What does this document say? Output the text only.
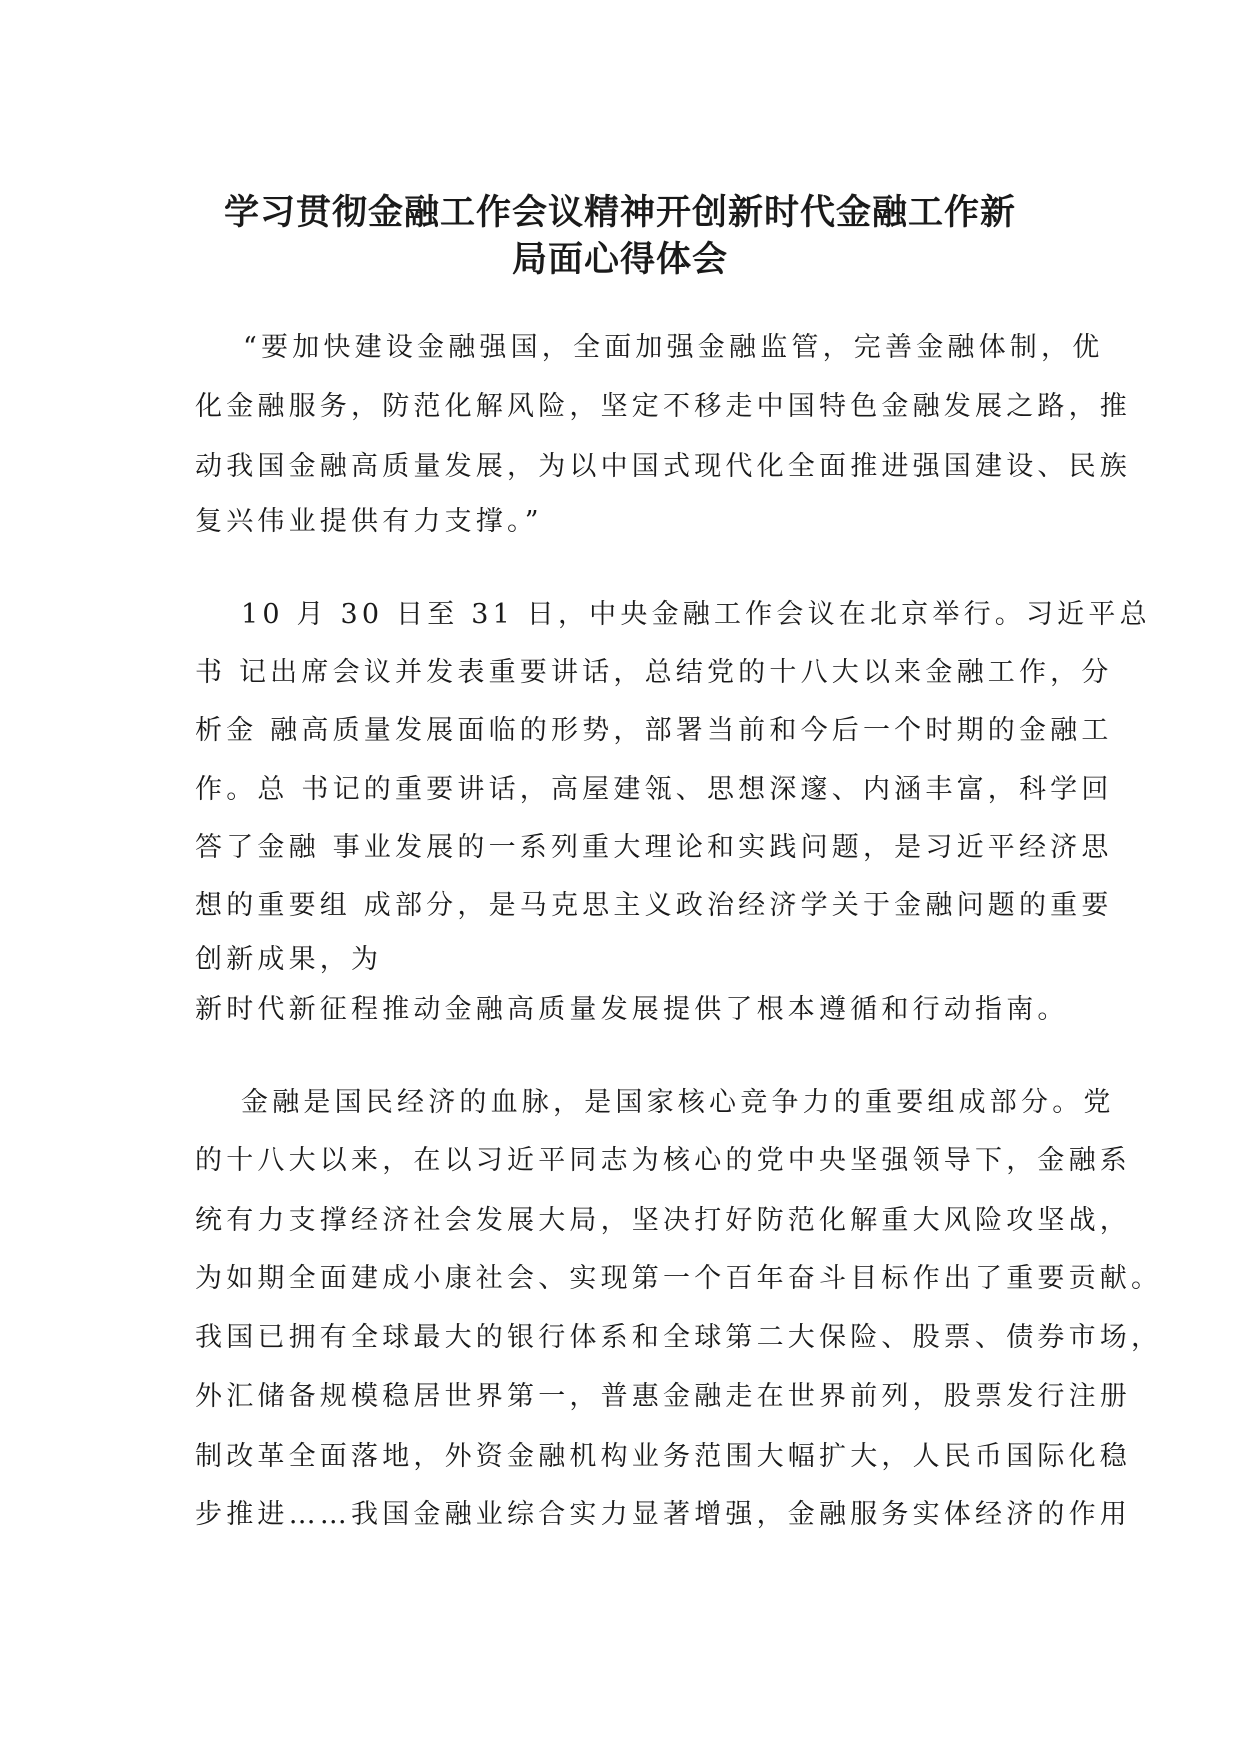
学习贯彻金融工作会议精神开创新时代金融工作新
局面心得体会

“要加快建设金融强国，全面加强金融监管，完善金融体制，优

化金融服务，防范化解风险，坚定不移走中国特色金融发展之路，推

动我国金融高质量发展，为以中国式现代化全面推进强国建设、民族

复兴伟业提供有力支撑。”

10 月 30 日至 31 日，中央金融工作会议在北京举行。习近平总

书 记出席会议并发表重要讲话，总结党的十八大以来金融工作，分

析金 融高质量发展面临的形势，部署当前和今后一个时期的金融工

作。总 书记的重要讲话，高屋建瓴、思想深邃、内涵丰富，科学回

答了金融 事业发展的一系列重大理论和实践问题，是习近平经济思

想的重要组 成部分，是马克思主义政治经济学关于金融问题的重要

创新成果，为

新时代新征程推动金融高质量发展提供了根本遵循和行动指南。

金融是国民经济的血脉，是国家核心竞争力的重要组成部分。党

的十八大以来，在以习近平同志为核心的党中央坚强领导下，金融系

统有力支撑经济社会发展大局，坚决打好防范化解重大风险攻坚战，

为如期全面建成小康社会、实现第一个百年奋斗目标作出了重要贡献。

我国已拥有全球最大的银行体系和全球第二大保险、股票、债券市场，

外汇储备规模稳居世界第一，普惠金融走在世界前列，股票发行注册

制改革全面落地，外资金融机构业务范围大幅扩大，人民币国际化稳

步推进……我国金融业综合实力显著增强，金融服务实体经济的作用
